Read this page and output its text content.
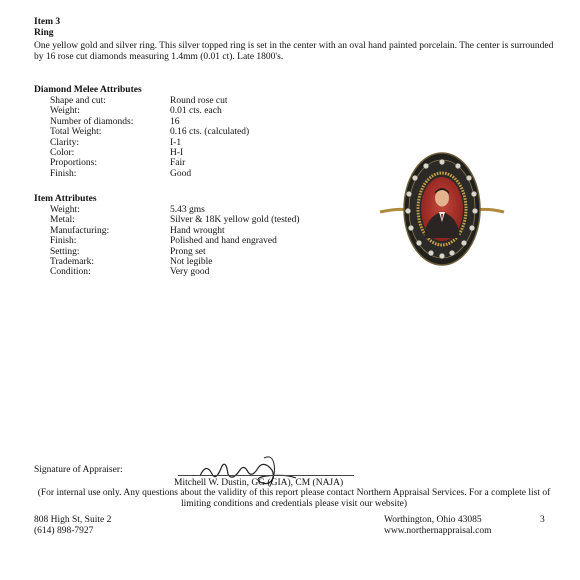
Item 3
Ring
One yellow gold and silver ring. This silver topped ring is set in the center with an oval hand painted porcelain. The center is surrounded by 16 rose cut diamonds measuring 1.4mm (0.01 ct). Late 1800's.
Diamond Melee Attributes
Shape and cut:	Round rose cut
Weight:	0.01 cts. each
Number of diamonds:	16
Total Weight:	0.16 cts. (calculated)
Clarity:	I-1
Color:	H-I
Proportions:	Fair
Finish:	Good
Item Attributes
Weight:	5.43 gms
Metal:	Silver & 18K yellow gold (tested)
Manufacturing:	Hand wrought
Finish:	Polished and hand engraved
Setting:	Prong set
Trademark:	Not legible
Condition:	Very good
Signature of Appraiser:
Mitchell W. Dustin, GG (GIA), CM (NAJA)
(For internal use only. Any questions about the validity of this report please contact Northern Appraisal Services. For a complete list of limiting conditions and credentials please visit our website)
808 High St, Suite 2
(614) 898-7927
Worthington, Ohio 43085
www.northernappraisal.com
3
